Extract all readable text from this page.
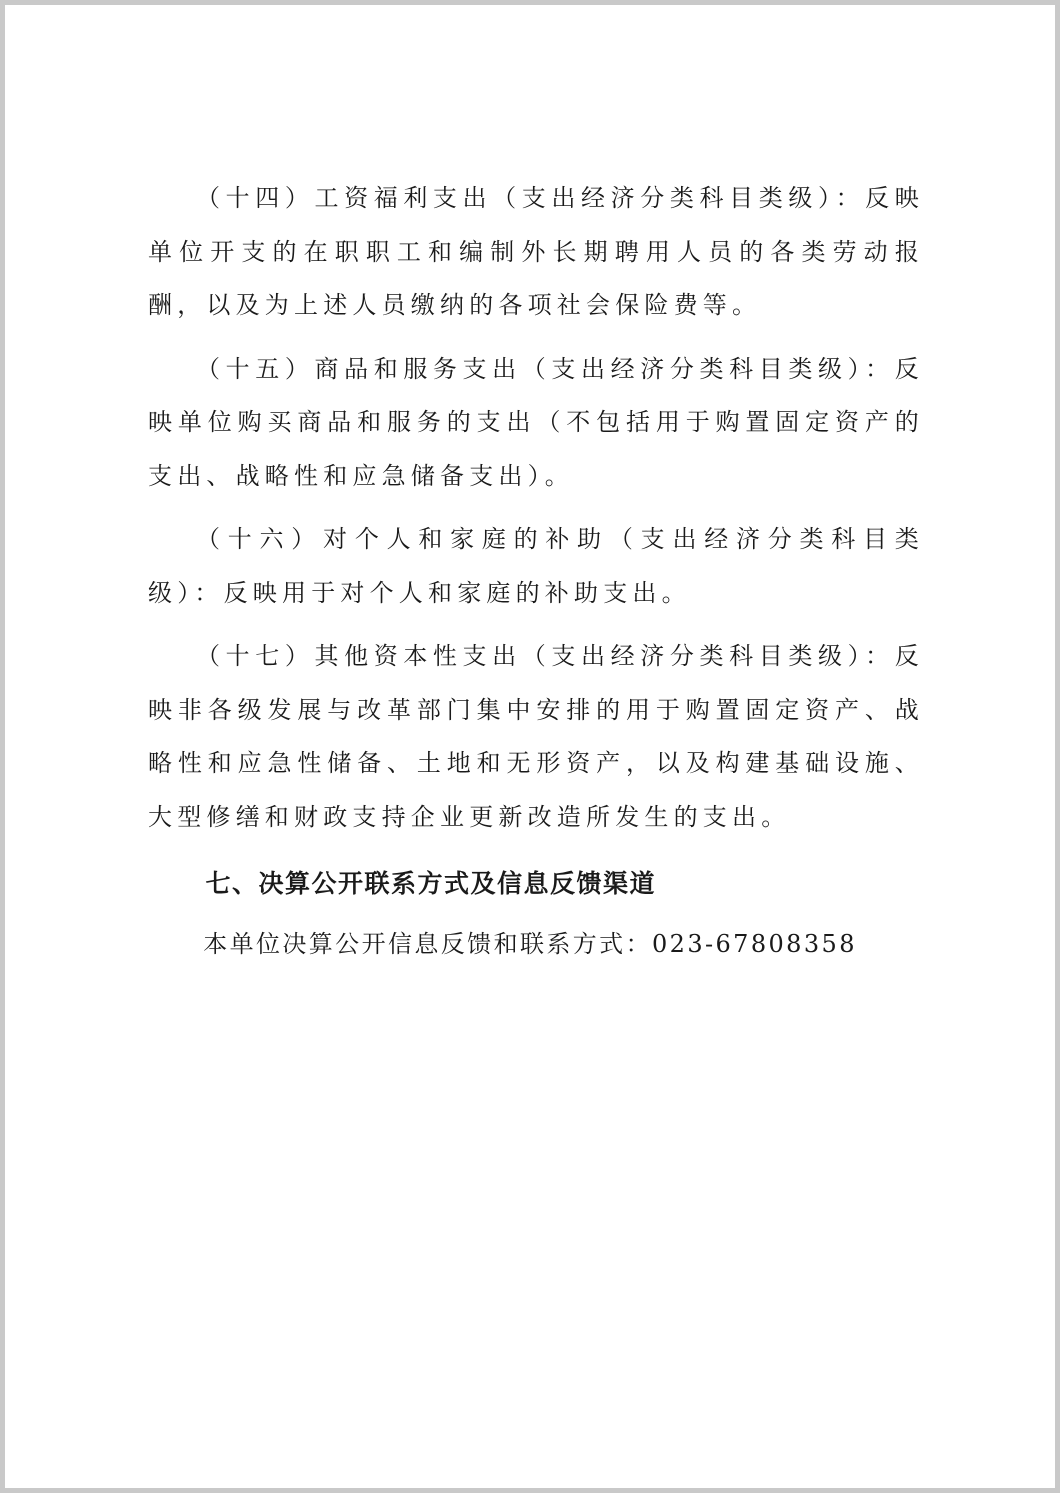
（十四）工资福利支出（支出经济分类科目类级）：反映单位开支的在职职工和编制外长期聘用人员的各类劳动报酬，以及为上述人员缴纳的各项社会保险费等。

（十五）商品和服务支出（支出经济分类科目类级）：反映单位购买商品和服务的支出（不包括用于购置固定资产的支出、战略性和应急储备支出）。

（十六）对个人和家庭的补助（支出经济分类科目类级）：反映用于对个人和家庭的补助支出。

（十七）其他资本性支出（支出经济分类科目类级）：反映非各级发展与改革部门集中安排的用于购置固定资产、战略性和应急性储备、土地和无形资产，以及构建基础设施、大型修缮和财政支持企业更新改造所发生的支出。

七、决算公开联系方式及信息反馈渠道

本单位决算公开信息反馈和联系方式：023-67808358
